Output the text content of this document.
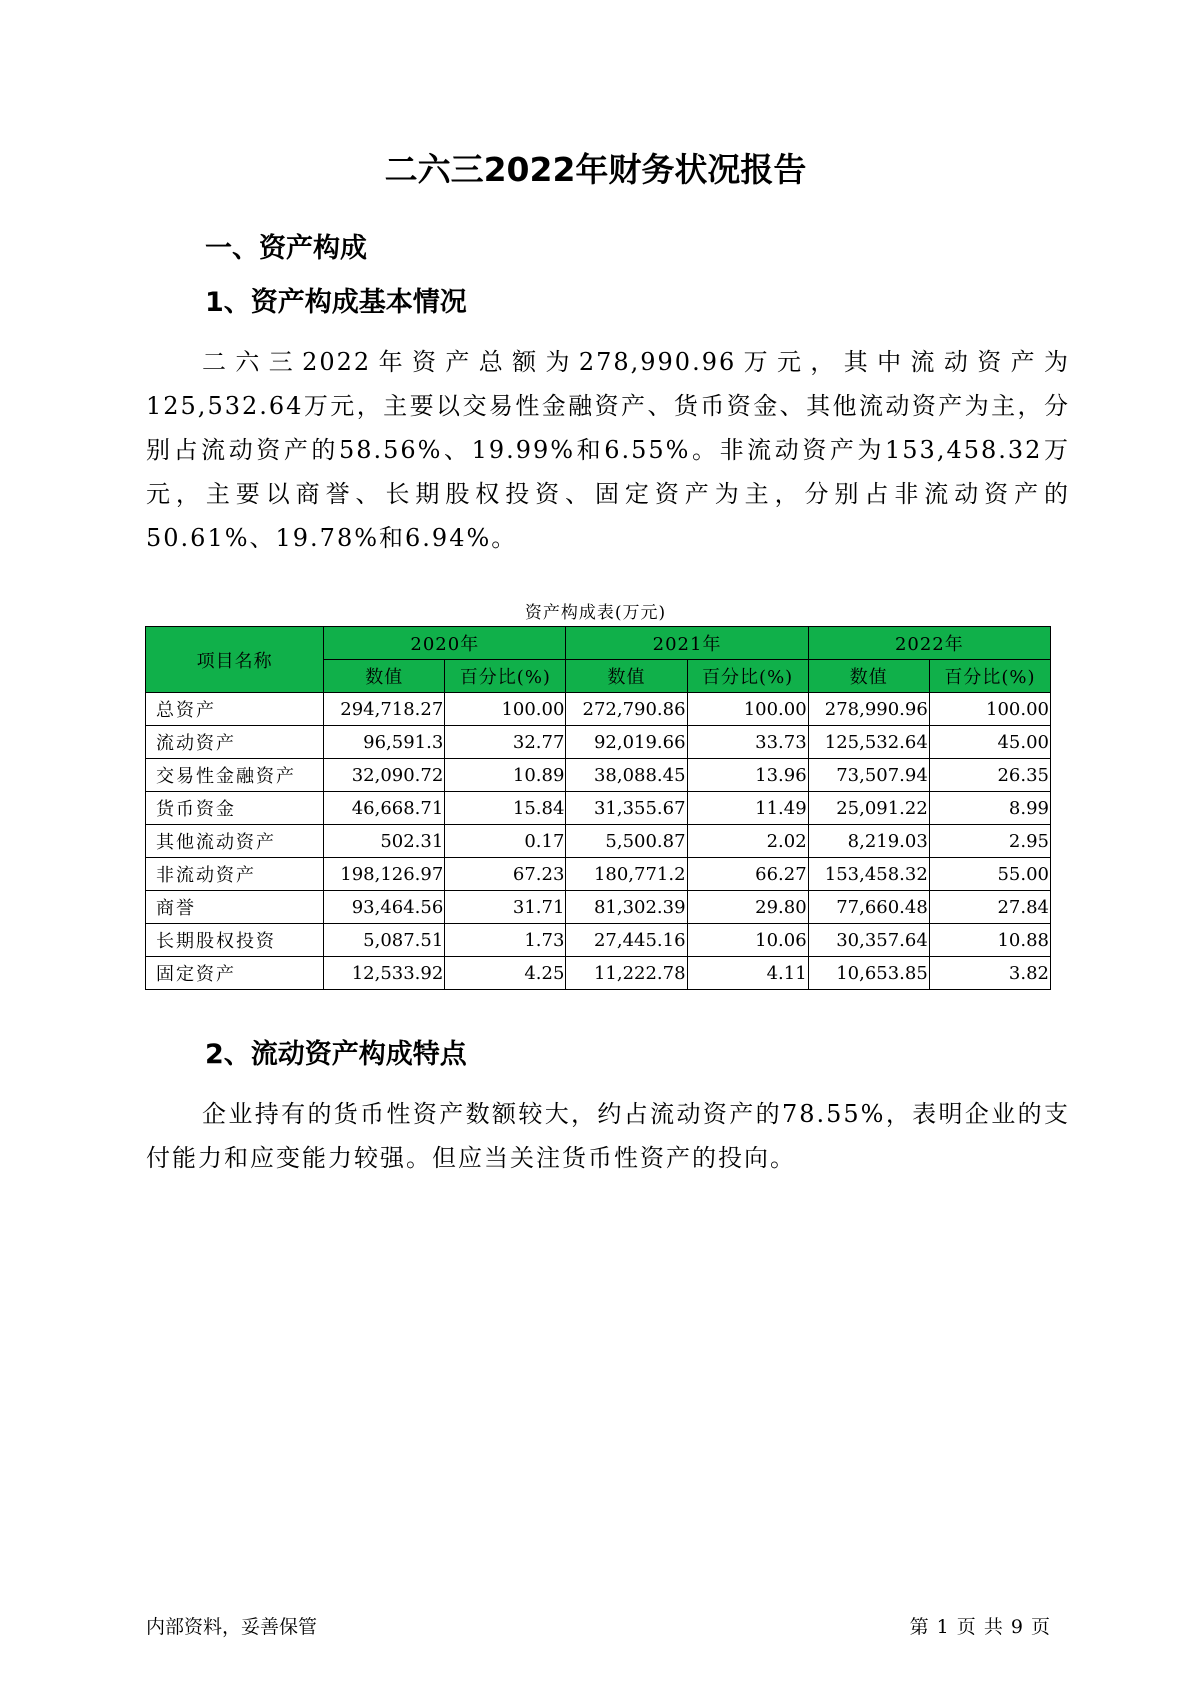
二六三2022年财务状况报告
一、资产构成
1、资产构成基本情况
二六三2022年资产总额为278,990.96万元，其中流动资产为125,532.64万元，主要以交易性金融资产、货币资金、其他流动资产为主，分别占流动资产的58.56%、19.99%和6.55%。非流动资产为153,458.32万元，主要以商誉、长期股权投资、固定资产为主，分别占非流动资产的50.61%、19.78%和6.94%。
资产构成表(万元)
项目名称	2020年		2021年		2022年	
	数值	百分比(%)	数值	百分比(%)	数值	百分比(%)
总资产	294,718.27	100.00	272,790.86	100.00	278,990.96	100.00
流动资产	96,591.3	32.77	92,019.66	33.73	125,532.64	45.00
交易性金融资产	32,090.72	10.89	38,088.45	13.96	73,507.94	26.35
货币资金	46,668.71	15.84	31,355.67	11.49	25,091.22	8.99
其他流动资产	502.31	0.17	5,500.87	2.02	8,219.03	2.95
非流动资产	198,126.97	67.23	180,771.2	66.27	153,458.32	55.00
商誉	93,464.56	31.71	81,302.39	29.80	77,660.48	27.84
长期股权投资	5,087.51	1.73	27,445.16	10.06	30,357.64	10.88
固定资产	12,533.92	4.25	11,222.78	4.11	10,653.85	3.82
2、流动资产构成特点
企业持有的货币性资产数额较大，约占流动资产的78.55%，表明企业的支付能力和应变能力较强。但应当关注货币性资产的投向。
内部资料，妥善保管	第 1 页 共 9 页
